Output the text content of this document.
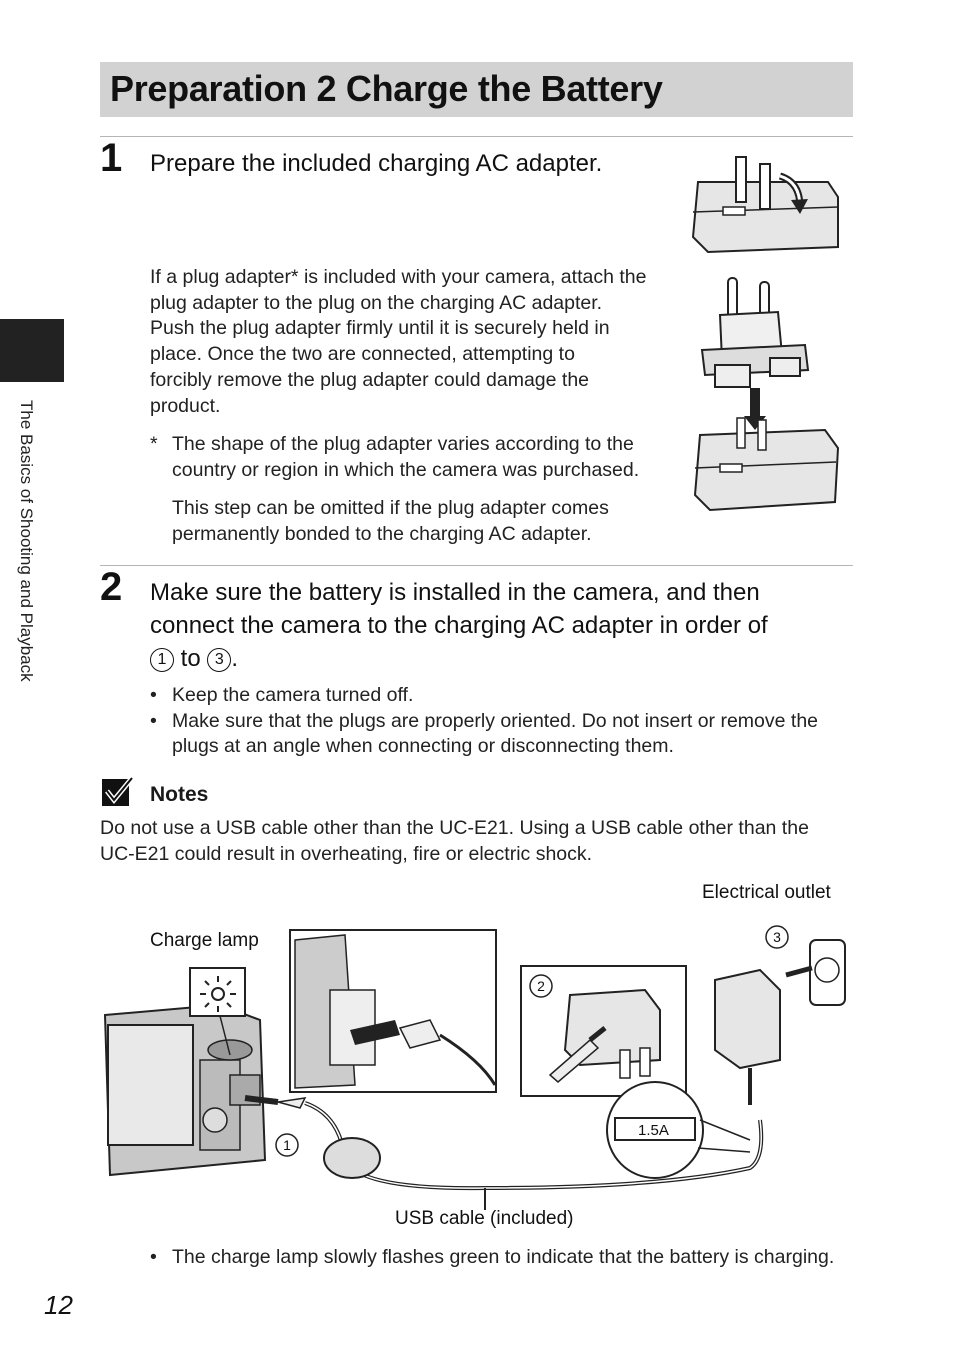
Preparation 2 Charge the Battery
The Basics of Shooting and Playback
1 Prepare the included charging AC adapter.
If a plug adapter* is included with your camera, attach the
plug adapter to the plug on the charging AC adapter.
Push the plug adapter firmly until it is securely held in
place. Once the two are connected, attempting to
forcibly remove the plug adapter could damage the
product.
* The shape of the plug adapter varies according to the
country or region in which the camera was purchased.
This step can be omitted if the plug adapter comes
permanently bonded to the charging AC adapter.
2 Make sure the battery is installed in the camera, and then
connect the camera to the charging AC adapter in order of
1 to 3 .
• Keep the camera turned off.
• Make sure that the plugs are properly oriented. Do not insert or remove the
plugs at an angle when connecting or disconnecting them.
Notes
Do not use a USB cable other than the UC-E21. Using a USB cable other than the
UC-E21 could result in overheating, fire or electric shock.
Electrical outlet
Charge lamp
USB cable (included)
1.5A
1
2
3
• The charge lamp slowly flashes green to indicate that the battery is charging.
12
